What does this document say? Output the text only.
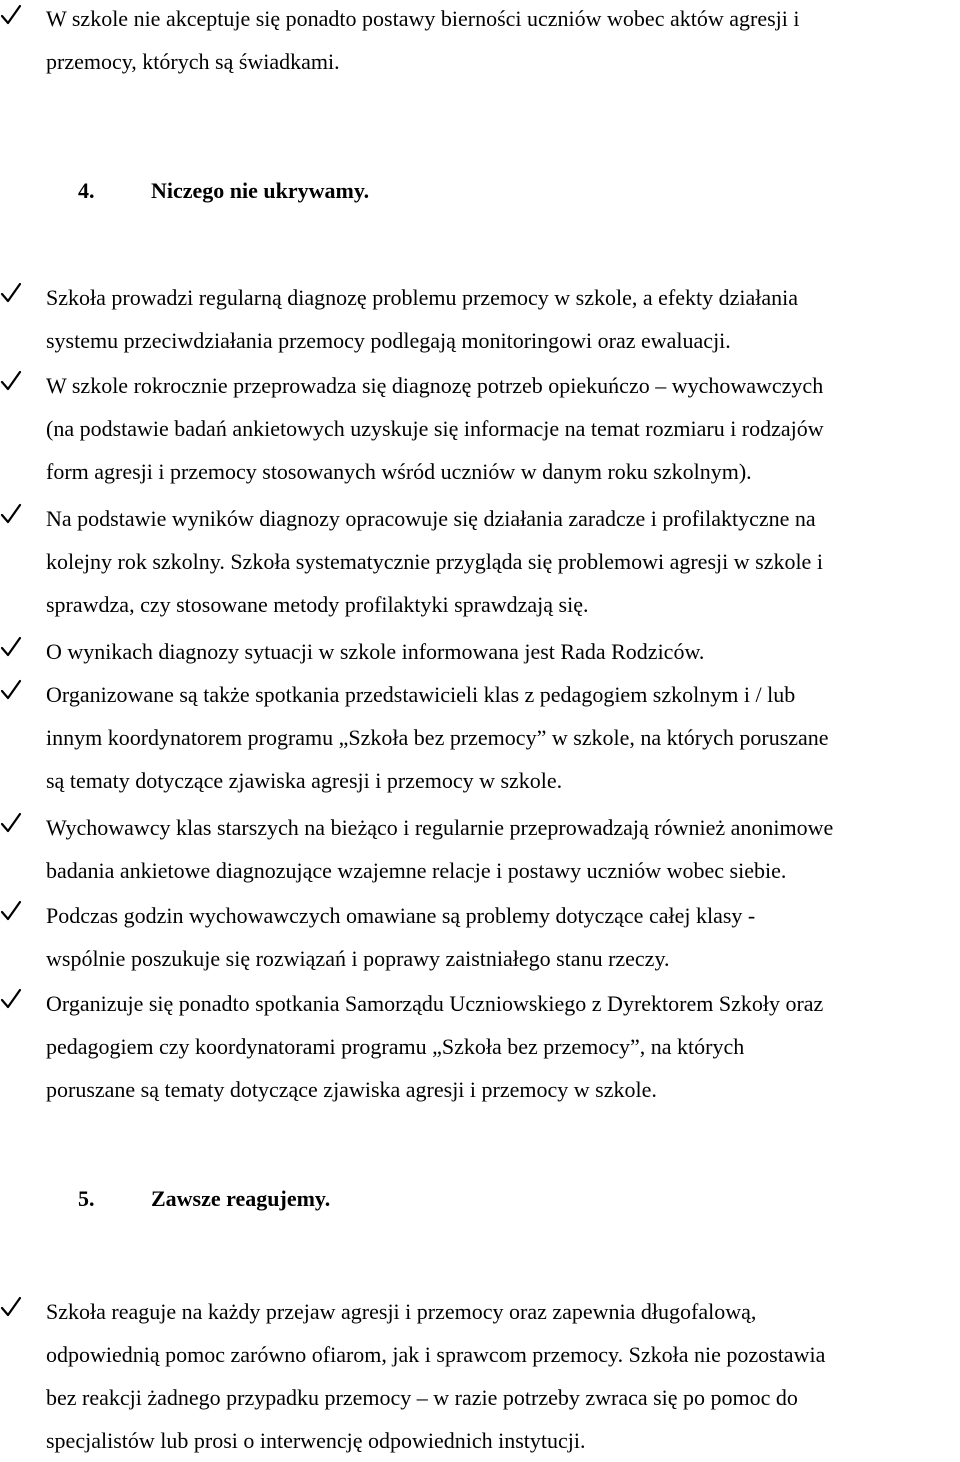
W szkole nie akceptuje się ponadto postawy bierności uczniów wobec aktów agresji i
przemocy, których są świadkami.

4.	Niczego nie ukrywamy.

Szkoła prowadzi regularną diagnozę problemu przemocy w szkole, a efekty działania
systemu przeciwdziałania przemocy podlegają monitoringowi oraz ewaluacji.

W szkole rokrocznie przeprowadza się diagnozę potrzeb opiekuńczo – wychowawczych
(na podstawie badań ankietowych uzyskuje się informacje na temat rozmiaru i rodzajów
form agresji i przemocy stosowanych wśród uczniów w danym roku szkolnym).

Na podstawie wyników diagnozy opracowuje się działania zaradcze i profilaktyczne na
kolejny rok szkolny. Szkoła systematycznie przygląda się problemowi agresji w szkole i
sprawdza, czy stosowane metody profilaktyki sprawdzają się.

O wynikach diagnozy sytuacji w szkole informowana jest Rada Rodziców.

Organizowane są także spotkania przedstawicieli klas z pedagogiem szkolnym i / lub
innym koordynatorem programu „Szkoła bez przemocy” w szkole, na których poruszane
są tematy dotyczące zjawiska agresji i przemocy w szkole.

Wychowawcy klas starszych na bieżąco i regularnie przeprowadzają również anonimowe
badania ankietowe diagnozujące wzajemne relacje i postawy uczniów wobec siebie.

Podczas godzin wychowawczych omawiane są problemy dotyczące całej klasy -
wspólnie poszukuje się rozwiązań i poprawy zaistniałego stanu rzeczy.

Organizuje się ponadto spotkania Samorządu Uczniowskiego z Dyrektorem Szkoły oraz
pedagogiem czy koordynatorami programu „Szkoła bez przemocy”, na których
poruszane są tematy dotyczące zjawiska agresji i przemocy w szkole.

5.	Zawsze reagujemy.

Szkoła reaguje na każdy przejaw agresji i przemocy oraz zapewnia długofalową,
odpowiednią pomoc zarówno ofiarom, jak i sprawcom przemocy. Szkoła nie pozostawia
bez reakcji żadnego przypadku przemocy – w razie potrzeby zwraca się po pomoc do
specjalistów lub prosi o interwencję odpowiednich instytucji.
